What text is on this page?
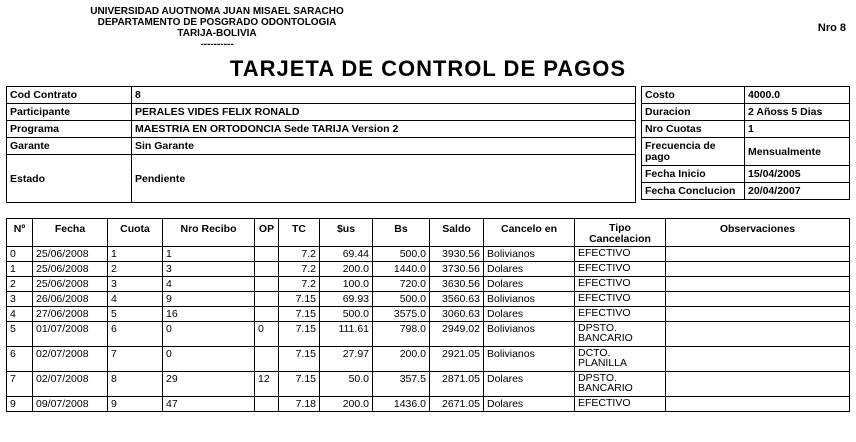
UNIVERSIDAD AUOTNOMA JUAN MISAEL SARACHO
DEPARTAMENTO DE POSGRADO ODONTOLOGIA
TARIJA-BOLIVIA
----------
Nro 8
TARJETA DE CONTROL DE PAGOS
Cod Contrato	8
Participante	PERALES VIDES FELIX RONALD
Programa	MAESTRIA EN ORTODONCIA Sede TARIJA Version 2
Garante	Sin Garante
Estado	Pendiente
Costo	4000.0
Duracion	2 Añoss 5 Dias
Nro Cuotas	1
Frecuencia de pago	Mensualmente
Fecha Inicio	15/04/2005
Fecha Conclucion	20/04/2007
Nº	Fecha	Cuota	Nro Recibo	OP	TC	$us	Bs	Saldo	Cancelo en	Tipo Cancelacion	Observaciones
0	25/06/2008	1	1		7.2	69.44	500.0	3930.56	Bolivianos	EFECTIVO	
1	25/06/2008	2	3		7.2	200.0	1440.0	3730.56	Dolares	EFECTIVO	
2	25/06/2008	3	4		7.2	100.0	720.0	3630.56	Dolares	EFECTIVO	
3	26/06/2008	4	9		7.15	69.93	500.0	3560.63	Bolivianos	EFECTIVO	
4	27/06/2008	5	16		7.15	500.0	3575.0	3060.63	Dolares	EFECTIVO	
5	01/07/2008	6	0	0	7.15	111.61	798.0	2949.02	Bolivianos	DPSTO. BANCARIO	
6	02/07/2008	7	0		7.15	27.97	200.0	2921.05	Bolivianos	DCTO. PLANILLA	
7	02/07/2008	8	29	12	7.15	50.0	357.5	2871.05	Dolares	DPSTO. BANCARIO	
9	09/07/2008	9	47		7.18	200.0	1436.0	2671.05	Dolares	EFECTIVO	
